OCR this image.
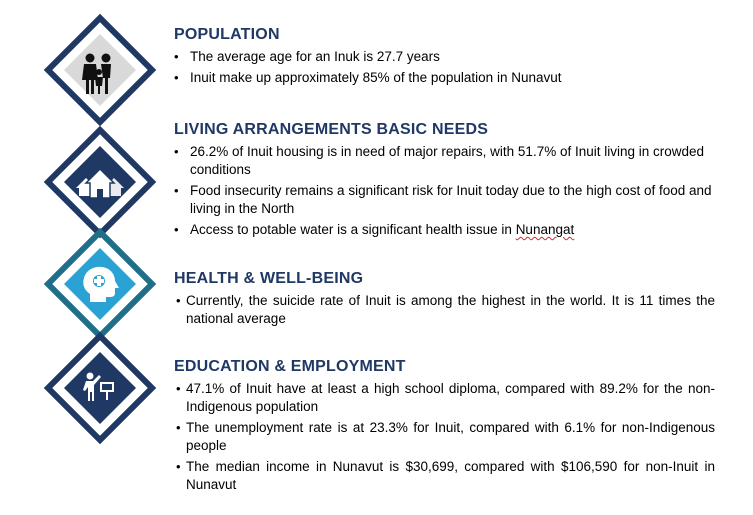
POPULATION
• The average age for an Inuk is 27.7 years
• Inuit make up approximately 85% of the population in Nunavut
LIVING ARRANGEMENTS BASIC NEEDS
• 26.2% of Inuit housing is in need of major repairs, with 51.7% of Inuit living in crowded conditions
• Food insecurity remains a significant risk for Inuit today due to the high cost of food and living in the North
• Access to potable water is a significant health issue in Nunangat
HEALTH & WELL-BEING
• Currently, the suicide rate of Inuit is among the highest in the world. It is 11 times the national average
EDUCATION & EMPLOYMENT
• 47.1% of Inuit have at least a high school diploma, compared with 89.2% for the non-Indigenous population
• The unemployment rate is at 23.3% for Inuit, compared with 6.1% for non-Indigenous people
• The median income in Nunavut is $30,699, compared with $106,590 for non-Inuit in Nunavut
